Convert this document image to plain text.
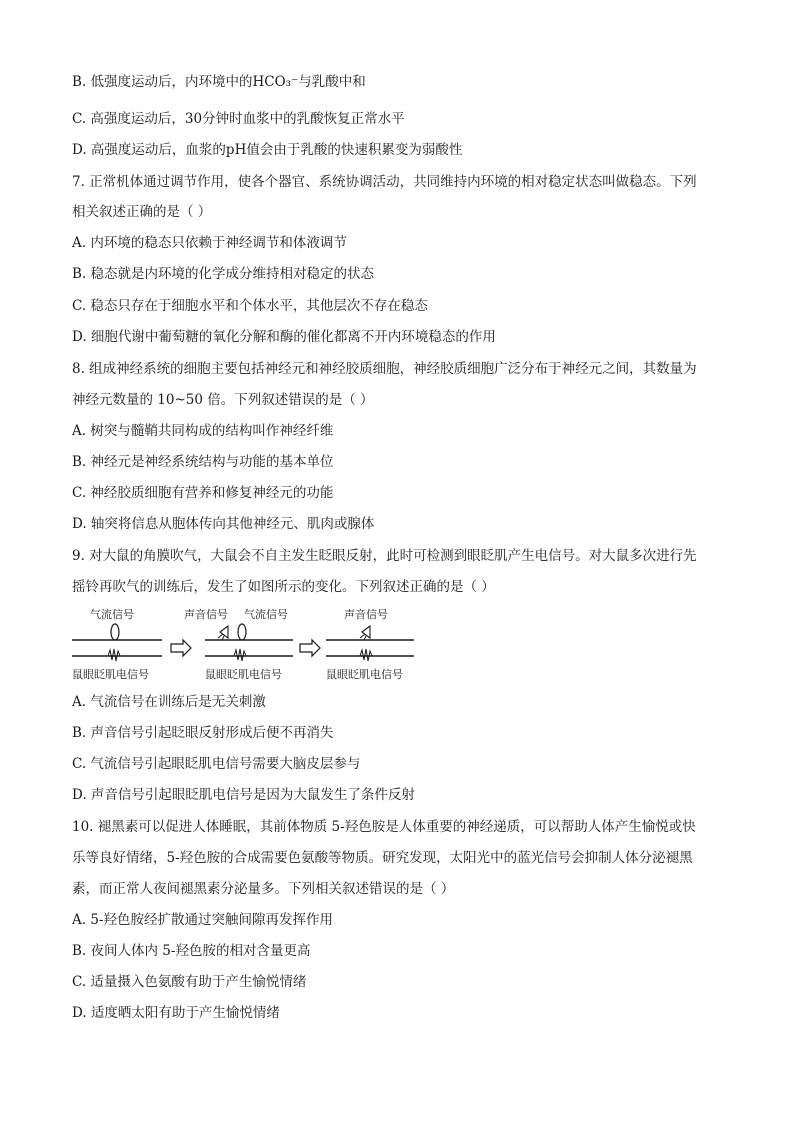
B. 低强度运动后，内环境中的HCO₃⁻与乳酸中和
C. 高强度运动后，30分钟时血浆中的乳酸恢复正常水平
D. 高强度运动后，血浆的pH值会由于乳酸的快速积累变为弱酸性
7. 正常机体通过调节作用，使各个器官、系统协调活动，共同维持内环境的相对稳定状态叫做稳态。下列
相关叙述正确的是（ ）
A. 内环境的稳态只依赖于神经调节和体液调节
B. 稳态就是内环境的化学成分维持相对稳定的状态
C. 稳态只存在于细胞水平和个体水平，其他层次不存在稳态
D. 细胞代谢中葡萄糖的氧化分解和酶的催化都离不开内环境稳态的作用
8. 组成神经系统的细胞主要包括神经元和神经胶质细胞，神经胶质细胞广泛分布于神经元之间，其数量为
神经元数量的 10~50 倍。下列叙述错误的是（ ）
A. 树突与髓鞘共同构成的结构叫作神经纤维
B. 神经元是神经系统结构与功能的基本单位
C. 神经胶质细胞有营养和修复神经元的功能
D. 轴突将信息从胞体传向其他神经元、肌肉或腺体
9. 对大鼠的角膜吹气，大鼠会不自主发生眨眼反射，此时可检测到眼眨肌产生电信号。对大鼠多次进行先
摇铃再吹气的训练后，发生了如图所示的变化。下列叙述正确的是（ ）
气流信号
鼠眼眨肌电信号
声音信号 气流信号
鼠眼眨肌电信号
声音信号
鼠眼眨肌电信号
A. 气流信号在训练后是无关刺激
B. 声音信号引起眨眼反射形成后便不再消失
C. 气流信号引起眼眨肌电信号需要大脑皮层参与
D. 声音信号引起眼眨肌电信号是因为大鼠发生了条件反射
10. 褪黑素可以促进人体睡眠，其前体物质 5-羟色胺是人体重要的神经递质，可以帮助人体产生愉悦或快
乐等良好情绪，5-羟色胺的合成需要色氨酸等物质。研究发现，太阳光中的蓝光信号会抑制人体分泌褪黑
素，而正常人夜间褪黑素分泌量多。下列相关叙述错误的是（ ）
A. 5-羟色胺经扩散通过突触间隙再发挥作用
B. 夜间人体内 5-羟色胺的相对含量更高
C. 适量摄入色氨酸有助于产生愉悦情绪
D. 适度晒太阳有助于产生愉悦情绪
